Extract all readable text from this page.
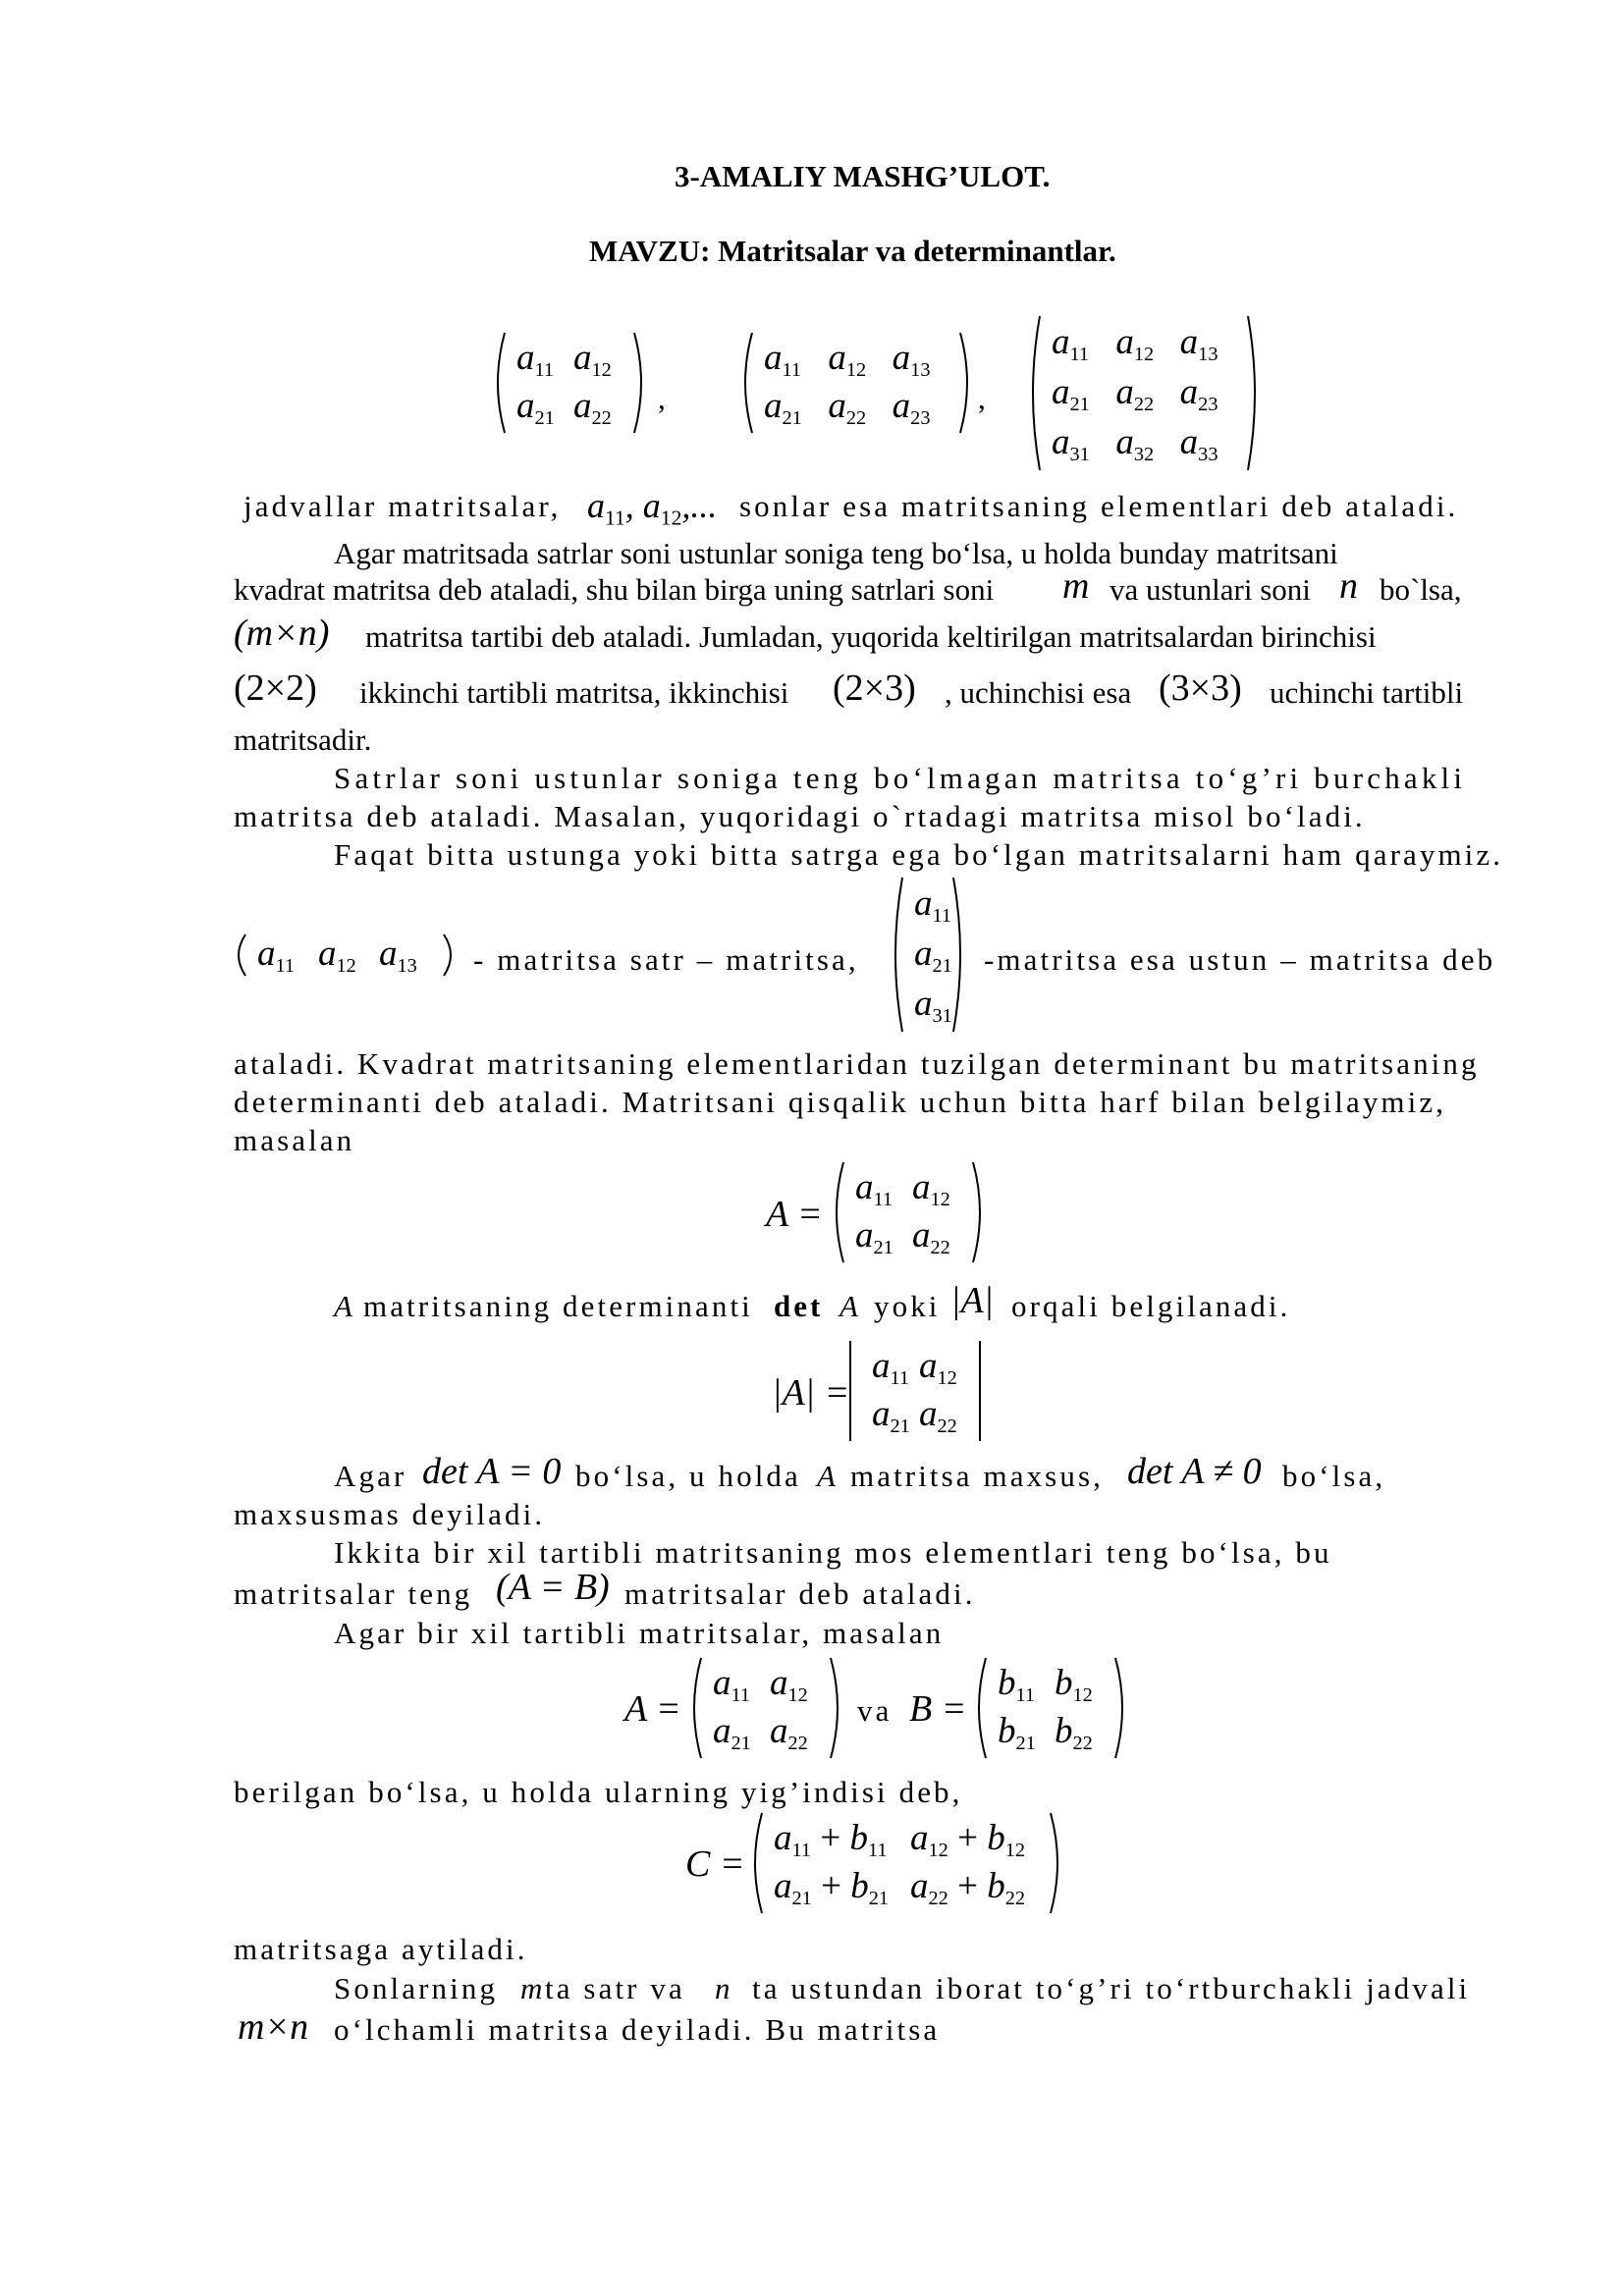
3-AMALIY MASHG’ULOT.
MAVZU: Matritsalar va determinantlar.
$a_{11}$ $a_{12}$
$a_{21}$ $a_{22}$
,
$a_{11}$ $a_{12}$ $a_{13}$
$a_{21}$ $a_{22}$ $a_{23}$
,
$a_{11}$ $a_{12}$ $a_{13}$
$a_{21}$ $a_{22}$ $a_{23}$
$a_{31}$ $a_{32}$ $a_{33}$
jadvallar matritsalar, $a_{11}$, $a_{12}$,... sonlar esa matritsaning elementlari deb ataladi.
Agar matritsada satrlar soni ustunlar soniga teng bo‘lsa, u holda bunday matritsani
kvadrat matritsa deb ataladi, shu bilan birga uning satrlari soni m va ustunlari soni n bo`lsa,
(m×n) matritsa tartibi deb ataladi. Jumladan, yuqorida keltirilgan matritsalardan birinchisi
(2×2) ikkinchi tartibli matritsa, ikkinchisi (2×3) , uchinchisi esa (3×3) uchinchi tartibli
matritsadir.
Satrlar soni ustunlar soniga teng bo‘lmagan matritsa to‘g’ri burchakli
matritsa deb ataladi. Masalan, yuqoridagi o`rtadagi matritsa misol bo‘ladi.
Faqat bitta ustunga yoki bitta satrga ega bo‘lgan matritsalarni ham qaraymiz.
$a_{11}$ $a_{12}$ $a_{13}$ - matritsa satr – matritsa,
$a_{11}$
$a_{21}$
$a_{31}$
-matritsa esa ustun – matritsa deb
ataladi. Kvadrat matritsaning elementlaridan tuzilgan determinant bu matritsaning
determinanti deb ataladi. Matritsani qisqalik uchun bitta harf bilan belgilaymiz,
masalan
A =
$a_{11}$ $a_{12}$
$a_{21}$ $a_{22}$
A matritsaning determinanti det A yoki |A| orqali belgilanadi.
|A| =
$a_{11}$ $a_{12}$
$a_{21}$ $a_{22}$
Agar det A = 0 bo‘lsa, u holda A matritsa maxsus, det A ≠ 0 bo‘lsa,
maxsusmas deyiladi.
Ikkita bir xil tartibli matritsaning mos elementlari teng bo‘lsa, bu
matritsalar teng (A = B) matritsalar deb ataladi.
Agar bir xil tartibli matritsalar, masalan
A =
$a_{11}$ $a_{12}$
$a_{21}$ $a_{22}$
va B =
$b_{11}$ $b_{12}$
$b_{21}$ $b_{22}$
berilgan bo‘lsa, u holda ularning yig’indisi deb,
C =
$a_{11} + b_{11}$ $a_{12} + b_{12}$
$a_{21} + b_{21}$ $a_{22} + b_{22}$
matritsaga aytiladi.
Sonlarning m ta satr va n ta ustundan iborat to‘g’ri to‘rtburchakli jadvali
m×n o‘lchamli matritsa deyiladi. Bu matritsa
